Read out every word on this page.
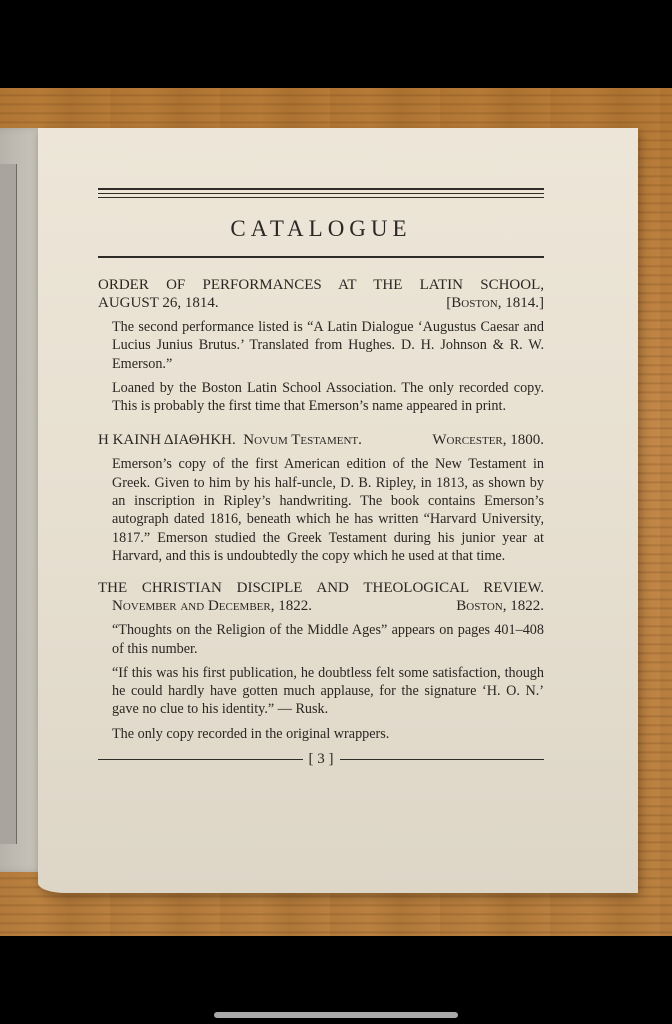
CATALOGUE
ORDER OF PERFORMANCES AT THE LATIN SCHOOL,
AUGUST 26, 1814.	[Boston, 1814.]
The second performance listed is “A Latin Dialogue ‘Augustus Caesar and Lucius Junius Brutus.’ Translated from Hughes. D. H. Johnson & R. W. Emerson.”
Loaned by the Boston Latin School Association. The only recorded copy. This is probably the first time that Emerson’s name appeared in print.
Η ΚΑΙΝΗ ΔΙΑΘΗΚΗ. Novum Testament.	Worcester, 1800.
Emerson’s copy of the first American edition of the New Testament in Greek. Given to him by his half-uncle, D. B. Ripley, in 1813, as shown by an inscription in Ripley’s handwriting. The book contains Emerson’s autograph dated 1816, beneath which he has written “Harvard University, 1817.” Emerson studied the Greek Testament during his junior year at Harvard, and this is undoubtedly the copy which he used at that time.
THE CHRISTIAN DISCIPLE AND THEOLOGICAL REVIEW.
November and December, 1822.	Boston, 1822.
“Thoughts on the Religion of the Middle Ages” appears on pages 401–408 of this number.
“If this was his first publication, he doubtless felt some satisfaction, though he could hardly have gotten much applause, for the signature ‘H. O. N.’ gave no clue to his identity.” — Rusk.
The only copy recorded in the original wrappers.
[ 3 ]
